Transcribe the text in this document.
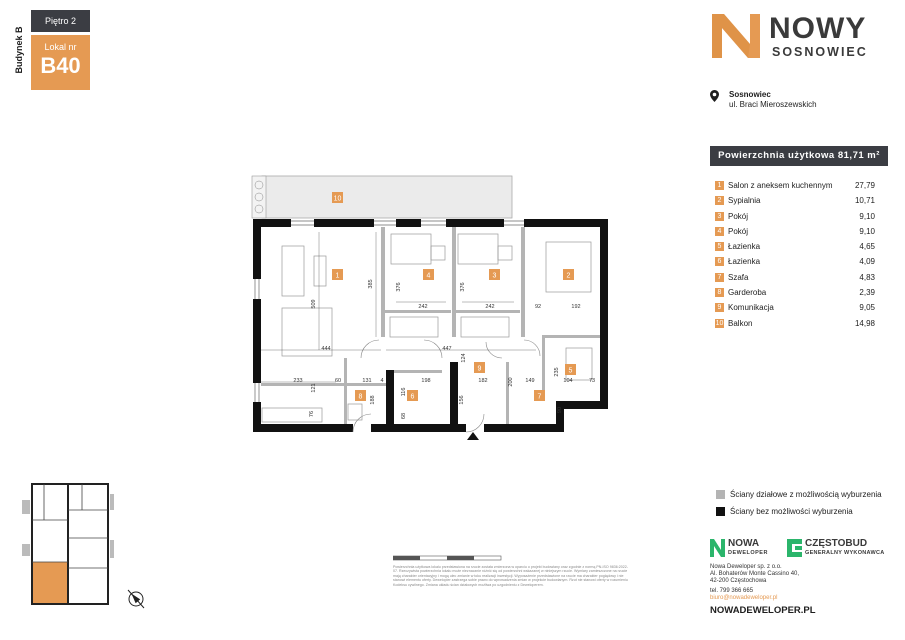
Budynek B
Piętro 2
Lokal nr
B40
NOWY
SOSNOWIEC
Sosnowiec
ul. Braci Mieroszewskich
Powierzchnia użytkowa 81,71 m²
1 Salon z aneksem kuchennym	27,79
2 Sypialnia	10,71
3 Pokój	9,10
4 Pokój	9,10
5 Łazienka	4,65
6 Łazienka	4,09
7 Szafa	4,83
8 Garderoba	2,39
9 Komunikacja	9,05
10 Balkon	14,98
1	2
3
4
5
6	7
8
9
10
509
385	376	376
242	242	92	192
444	447
124
233
121
60	131 4	198
116
182	200 149	104	73
235
76
188
68
156
90
Powierzchnia użytkowa lokalu przedstawiona na rzucie została zmierzona w oparciu o projekt budowlany oraz zgodnie z normą PN-ISO 9836:2022-07. Rzeczywista powierzchnia lokalu może nieznacznie różnić się od powierzchni wskazanej w niniejszym rzucie. Wymiary zamieszczone na rzucie mają charakter orientacyjny i mogą ulec zmianie w toku realizacji inwestycji. Wyposażenie przedstawione na rzucie ma charakter poglądowy i nie stanowi elementu oferty. Dewelopler zastrzega sobie prawo do wprowadzenia zmian w projekcie budowlanym. Rzut nie stanowi oferty w rozumieniu Kodeksu cywilnego. Zmiana układu ścian działowych możliwa po uzgodnieniu z Deweloperem.
Ściany działowe z możliwością wyburzenia
Ściany bez możliwości wyburzenia
NOWA
DEWELOPER
CZĘSTOBUD
GENERALNY WYKONAWCA
Nowa Deweloper sp. z o.o.
Al. Bohaterów Monte Cassino 40,
42-200 Częstochowa
tel. 799 366 665
biuro@nowadeweloper.pl
NOWADEWELOPER.PL
